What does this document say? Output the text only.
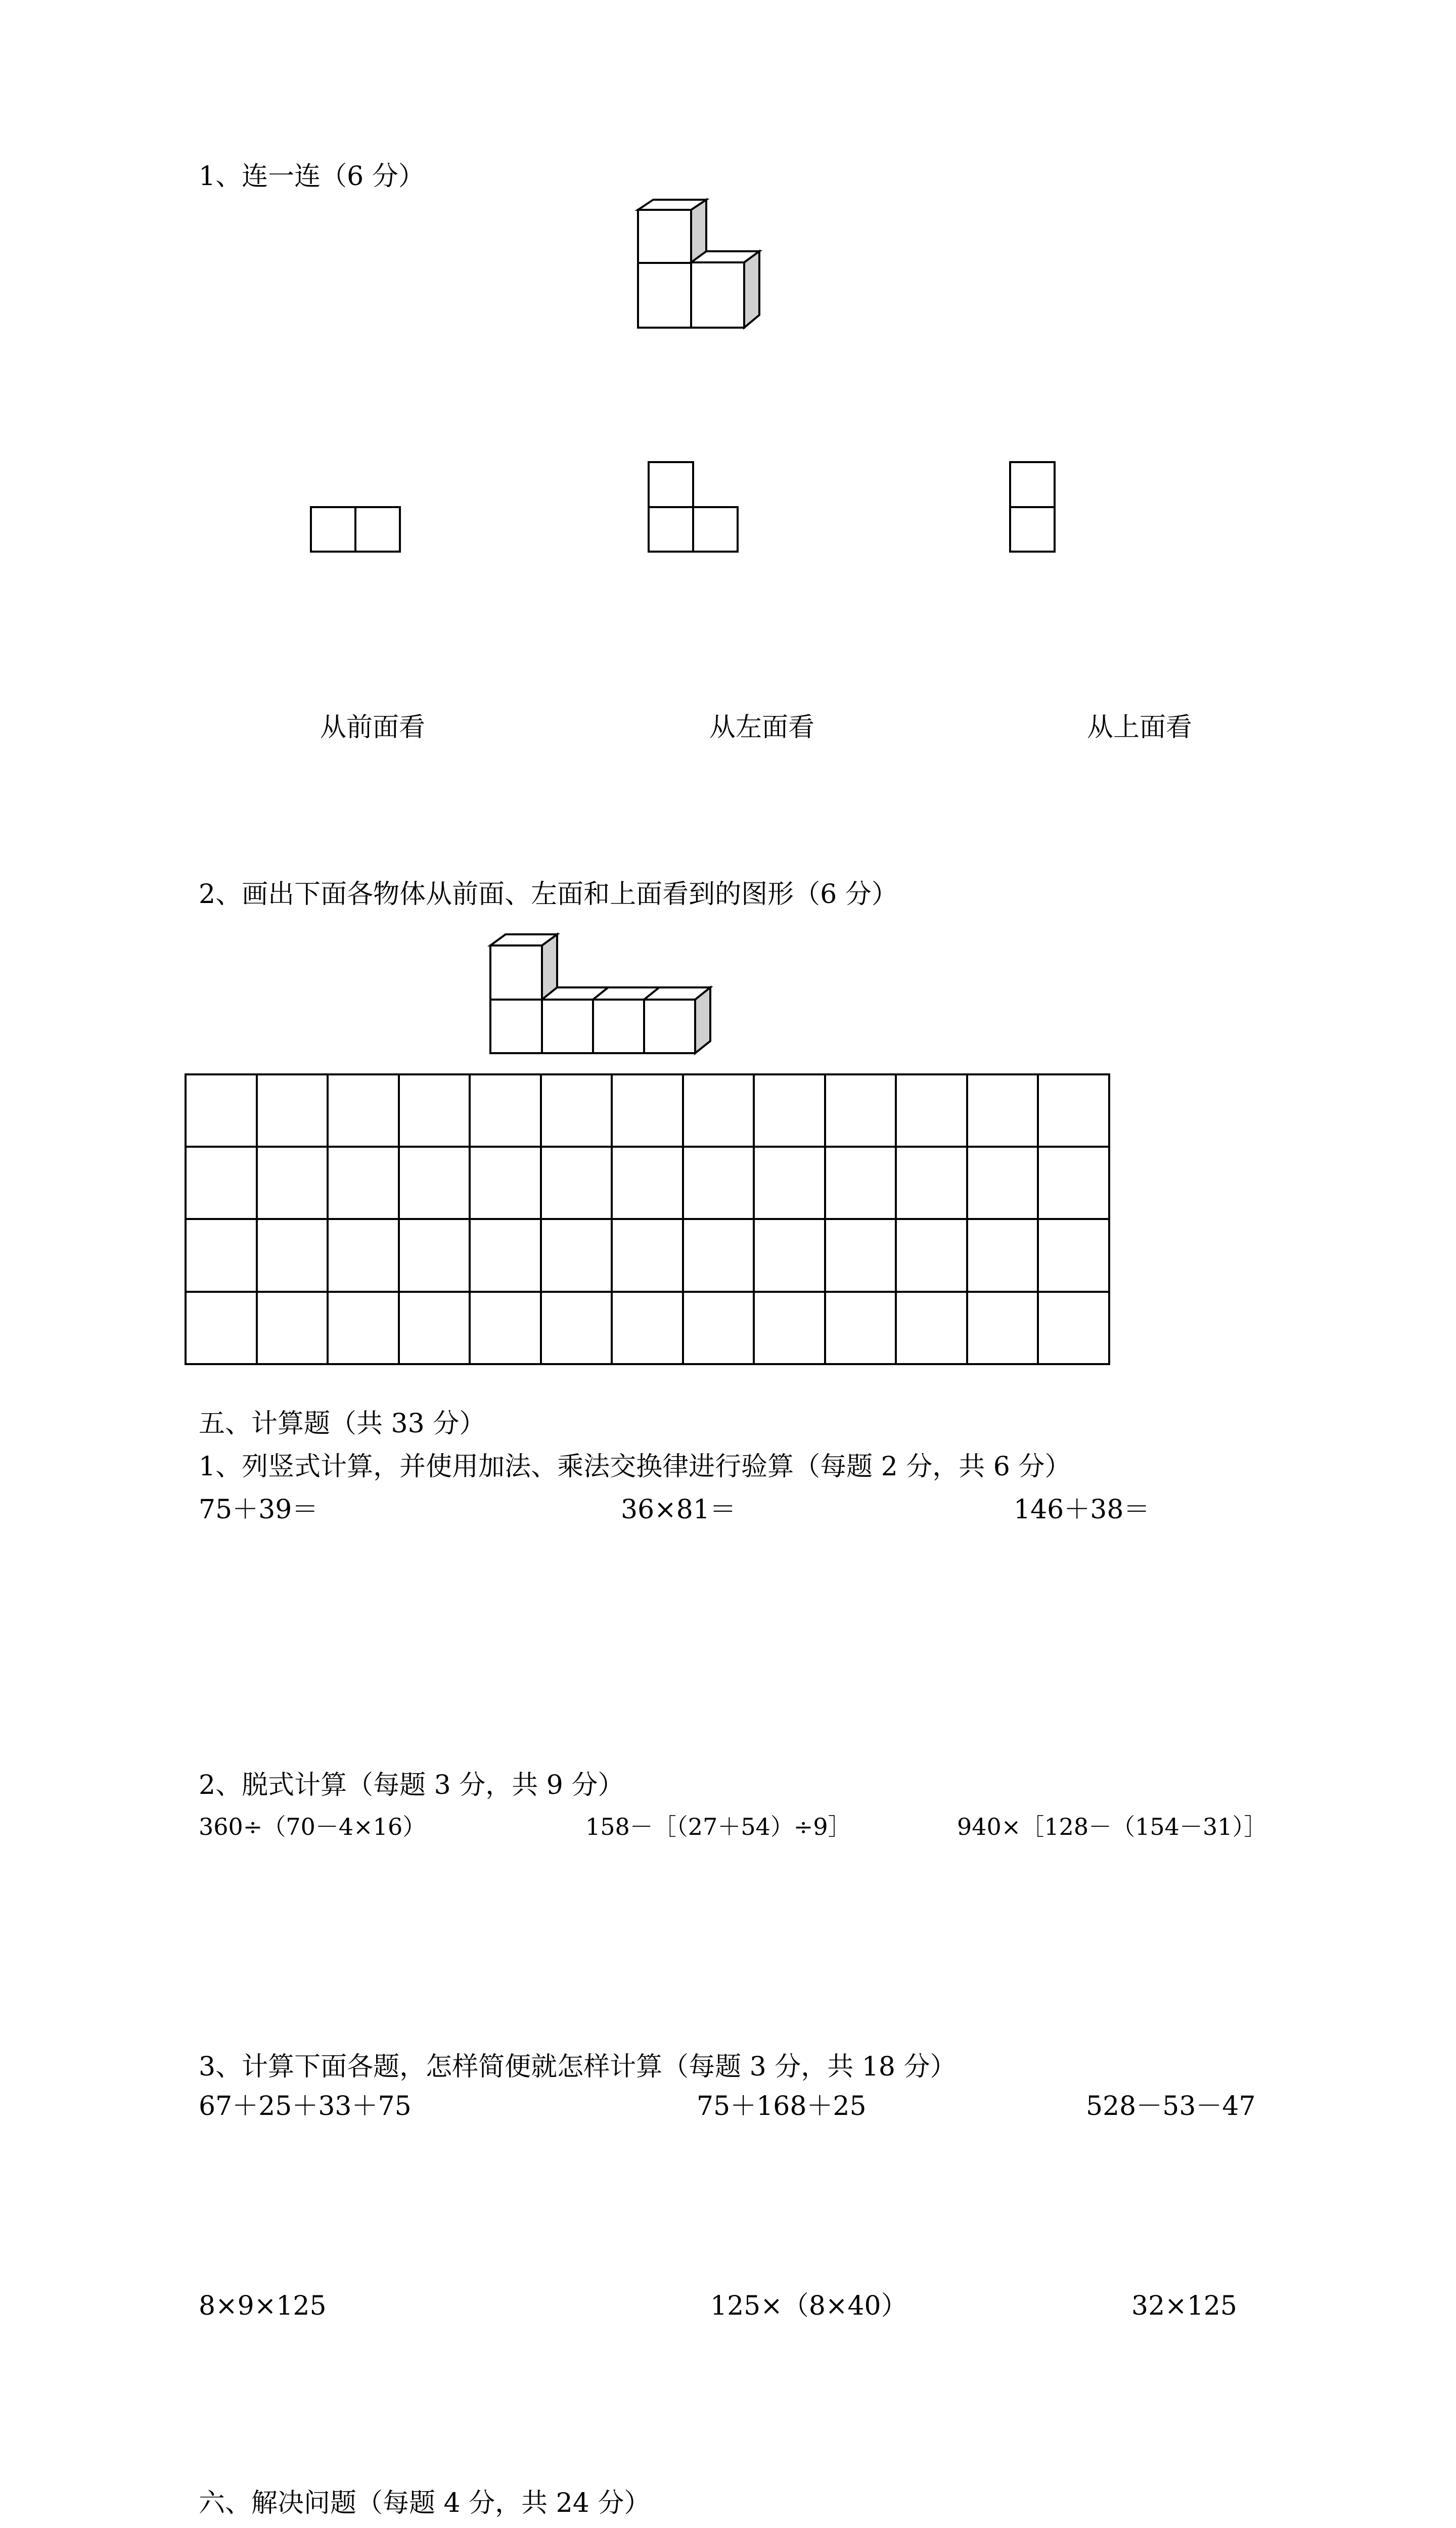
1、连一连（6 分）
从前面看	从左面看	从上面看
2、画出下面各物体从前面、左面和上面看到的图形（6 分）
五、计算题（共 33 分）
1、列竖式计算，并使用加法、乘法交换律进行验算（每题 2 分，共 6 分）
75＋39＝	36×81＝	146＋38＝
2、脱式计算（每题 3 分，共 9 分）
360÷（70－4×16）	158－［（27＋54）÷9］	940×［128－（154－31）］
3、计算下面各题，怎样简便就怎样计算（每题 3 分，共 18 分）
67＋25＋33＋75	75＋168＋25	528－53－47
8×9×125	125×（8×40）	32×125
六、解决问题（每题 4 分，共 24 分）
